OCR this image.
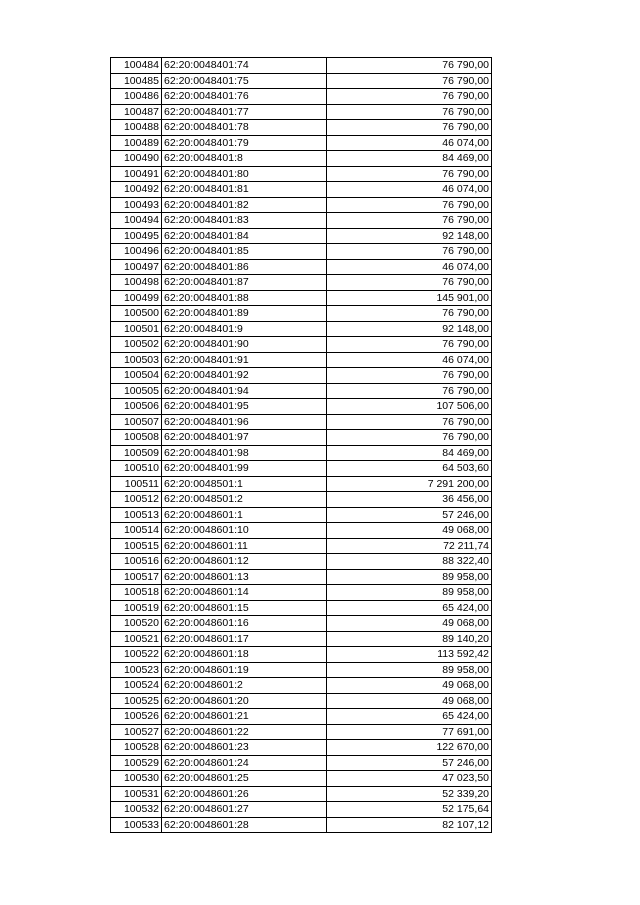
100484	62:20:0048401:74	76 790,00
100485	62:20:0048401:75	76 790,00
100486	62:20:0048401:76	76 790,00
100487	62:20:0048401:77	76 790,00
100488	62:20:0048401:78	76 790,00
100489	62:20:0048401:79	46 074,00
100490	62:20:0048401:8	84 469,00
100491	62:20:0048401:80	76 790,00
100492	62:20:0048401:81	46 074,00
100493	62:20:0048401:82	76 790,00
100494	62:20:0048401:83	76 790,00
100495	62:20:0048401:84	92 148,00
100496	62:20:0048401:85	76 790,00
100497	62:20:0048401:86	46 074,00
100498	62:20:0048401:87	76 790,00
100499	62:20:0048401:88	145 901,00
100500	62:20:0048401:89	76 790,00
100501	62:20:0048401:9	92 148,00
100502	62:20:0048401:90	76 790,00
100503	62:20:0048401:91	46 074,00
100504	62:20:0048401:92	76 790,00
100505	62:20:0048401:94	76 790,00
100506	62:20:0048401:95	107 506,00
100507	62:20:0048401:96	76 790,00
100508	62:20:0048401:97	76 790,00
100509	62:20:0048401:98	84 469,00
100510	62:20:0048401:99	64 503,60
100511	62:20:0048501:1	7 291 200,00
100512	62:20:0048501:2	36 456,00
100513	62:20:0048601:1	57 246,00
100514	62:20:0048601:10	49 068,00
100515	62:20:0048601:11	72 211,74
100516	62:20:0048601:12	88 322,40
100517	62:20:0048601:13	89 958,00
100518	62:20:0048601:14	89 958,00
100519	62:20:0048601:15	65 424,00
100520	62:20:0048601:16	49 068,00
100521	62:20:0048601:17	89 140,20
100522	62:20:0048601:18	113 592,42
100523	62:20:0048601:19	89 958,00
100524	62:20:0048601:2	49 068,00
100525	62:20:0048601:20	49 068,00
100526	62:20:0048601:21	65 424,00
100527	62:20:0048601:22	77 691,00
100528	62:20:0048601:23	122 670,00
100529	62:20:0048601:24	57 246,00
100530	62:20:0048601:25	47 023,50
100531	62:20:0048601:26	52 339,20
100532	62:20:0048601:27	52 175,64
100533	62:20:0048601:28	82 107,12
